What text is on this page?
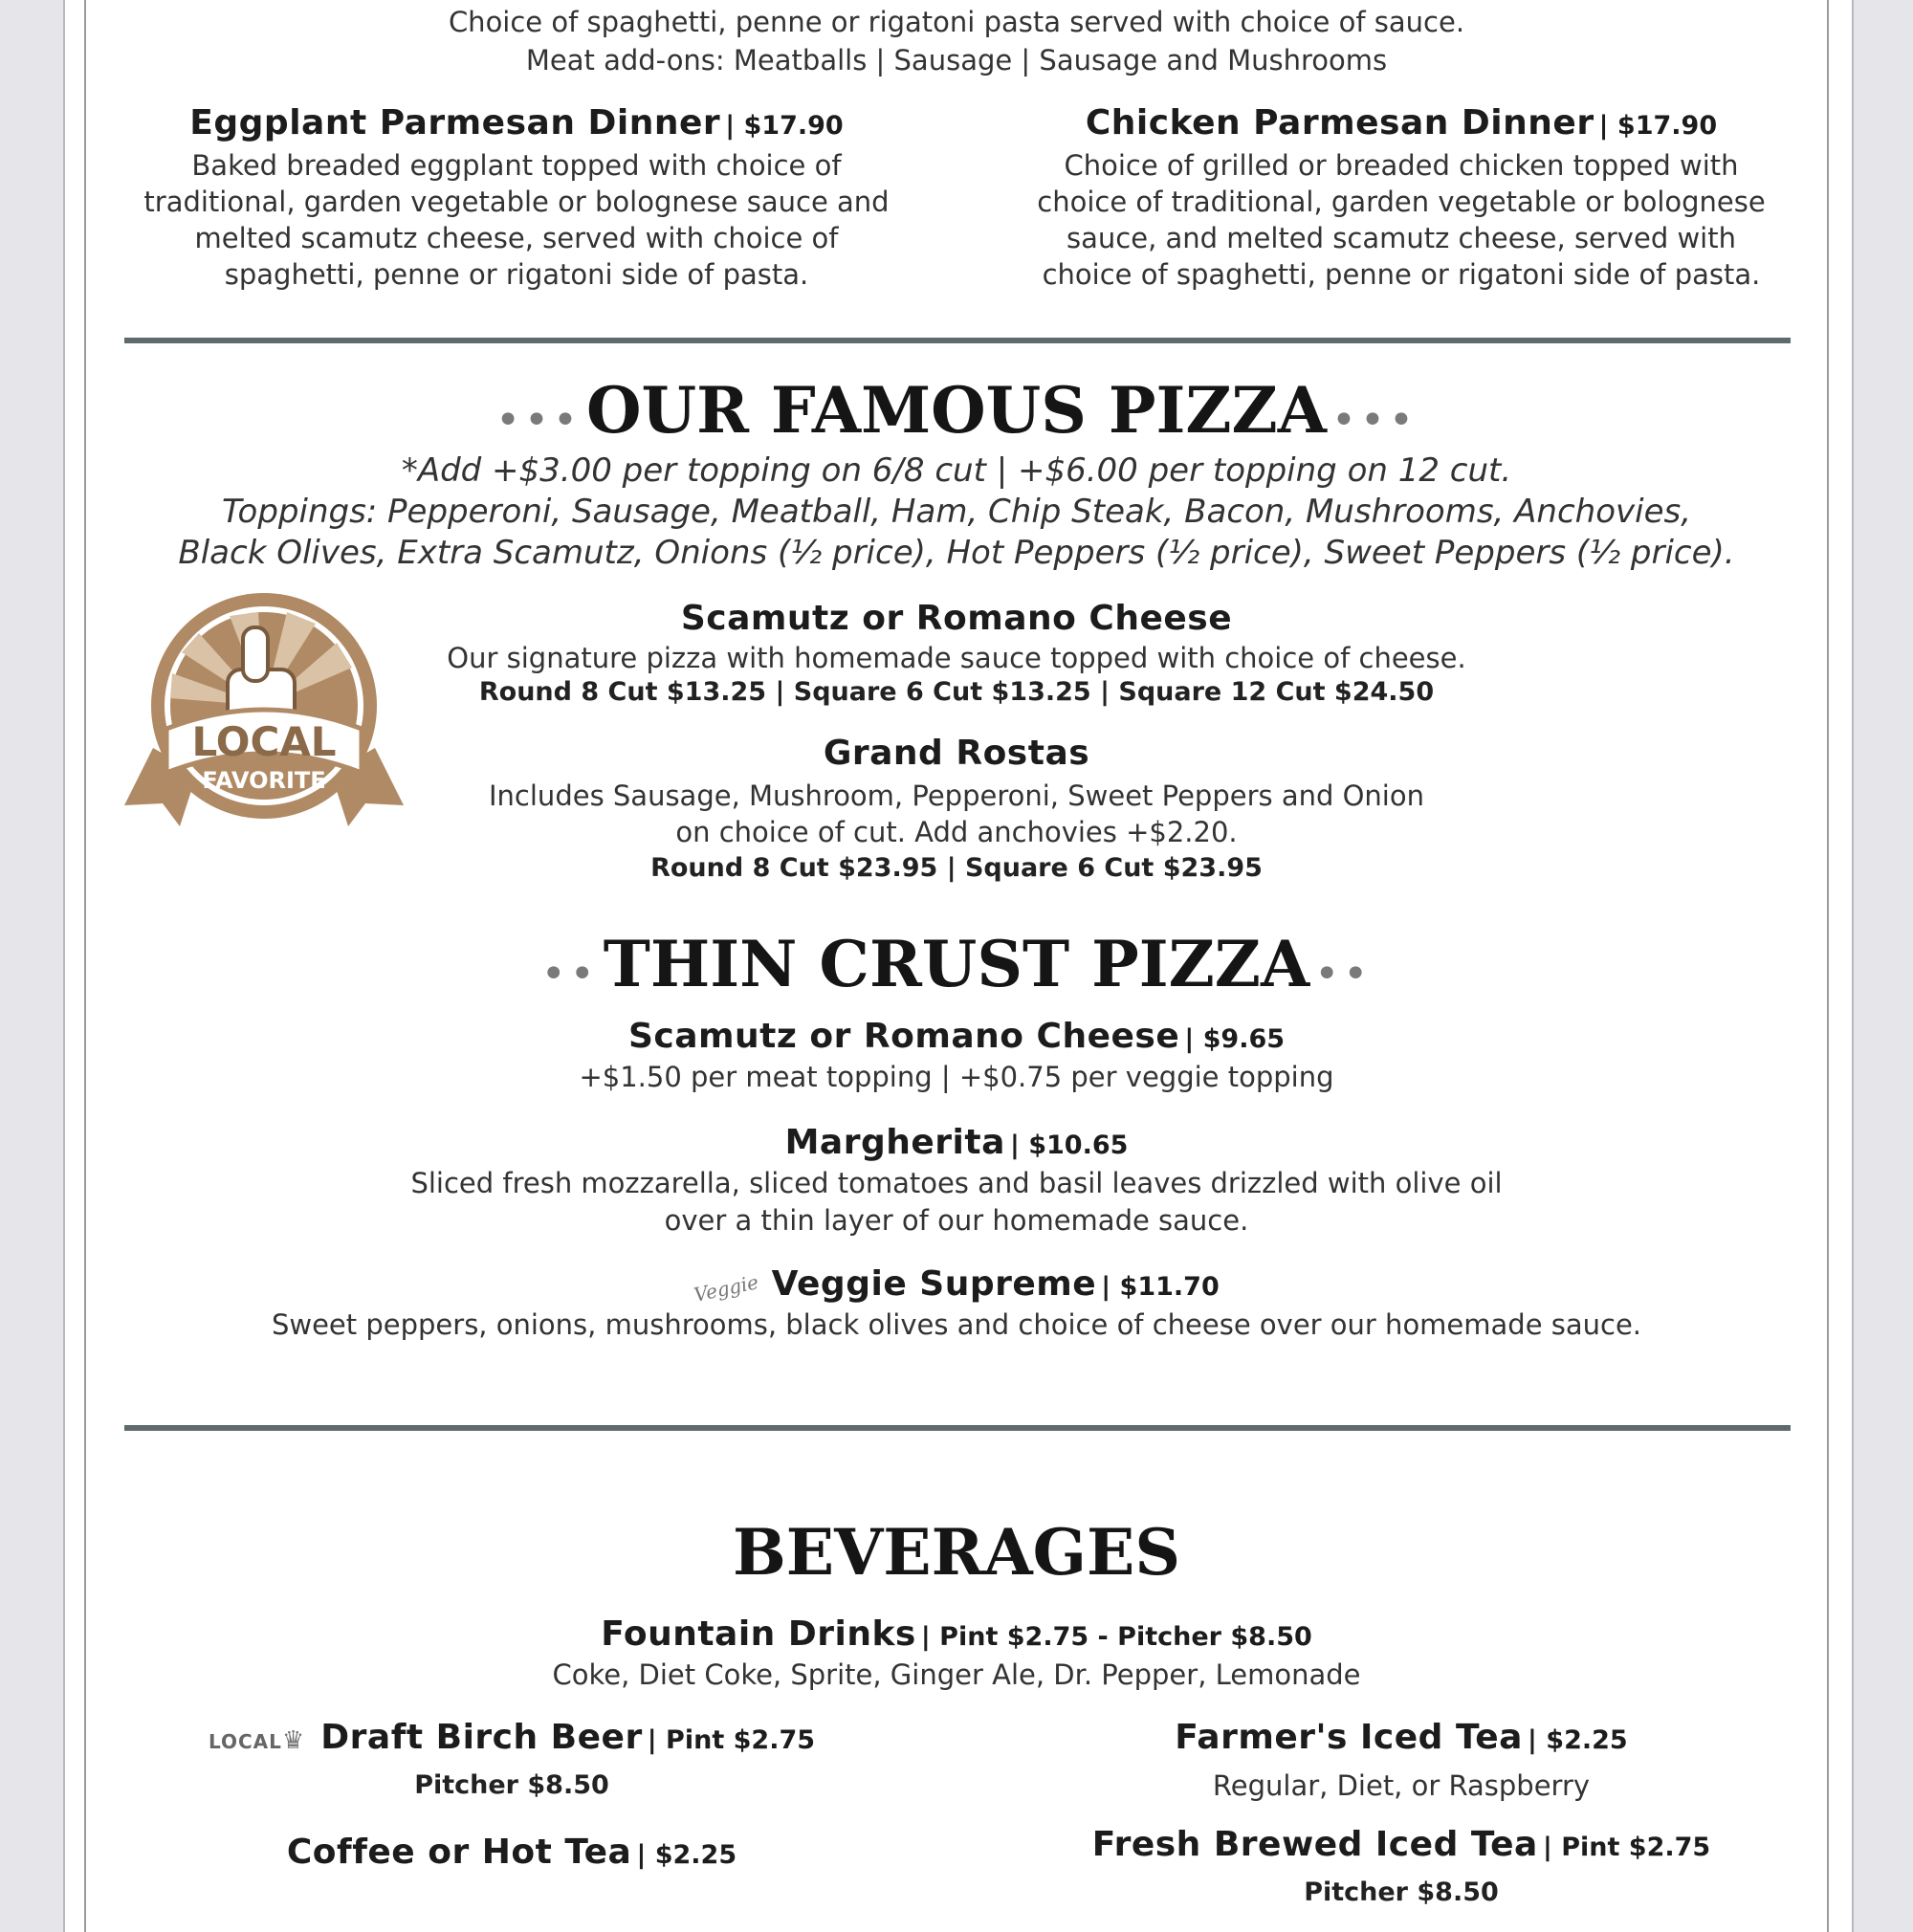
Choice of spaghetti, penne or rigatoni pasta served with choice of sauce.
Meat add-ons: Meatballs | Sausage | Sausage and Mushrooms
Eggplant Parmesan Dinner | $17.90
Baked breaded eggplant topped with choice of
traditional, garden vegetable or bolognese sauce and
melted scamutz cheese, served with choice of
spaghetti, penne or rigatoni side of pasta.
Chicken Parmesan Dinner | $17.90
Choice of grilled or breaded chicken topped with
choice of traditional, garden vegetable or bolognese
sauce, and melted scamutz cheese, served with
choice of spaghetti, penne or rigatoni side of pasta.
••• OUR FAMOUS PIZZA •••
*Add +$3.00 per topping on 6/8 cut | +$6.00 per topping on 12 cut.
Toppings: Pepperoni, Sausage, Meatball, Ham, Chip Steak, Bacon, Mushrooms, Anchovies,
Black Olives, Extra Scamutz, Onions (½ price), Hot Peppers (½ price), Sweet Peppers (½ price).
LOCAL
FAVORITE
Scamutz or Romano Cheese
Our signature pizza with homemade sauce topped with choice of cheese.
Round 8 Cut $13.25 | Square 6 Cut $13.25 | Square 12 Cut $24.50
Grand Rostas
Includes Sausage, Mushroom, Pepperoni, Sweet Peppers and Onion
on choice of cut. Add anchovies +$2.20.
Round 8 Cut $23.95 | Square 6 Cut $23.95
•• THIN CRUST PIZZA ••
Scamutz or Romano Cheese | $9.65
+$1.50 per meat topping | +$0.75 per veggie topping
Margherita | $10.65
Sliced fresh mozzarella, sliced tomatoes and basil leaves drizzled with olive oil
over a thin layer of our homemade sauce.
Veggie Veggie Supreme | $11.70
Sweet peppers, onions, mushrooms, black olives and choice of cheese over our homemade sauce.
BEVERAGES
Fountain Drinks | Pint $2.75 - Pitcher $8.50
Coke, Diet Coke, Sprite, Ginger Ale, Dr. Pepper, Lemonade
LOCAL♛ Draft Birch Beer | Pint $2.75
Pitcher $8.50
Farmer's Iced Tea | $2.25
Regular, Diet, or Raspberry
Coffee or Hot Tea | $2.25	Fresh Brewed Iced Tea | Pint $2.75
Pitcher $8.50
